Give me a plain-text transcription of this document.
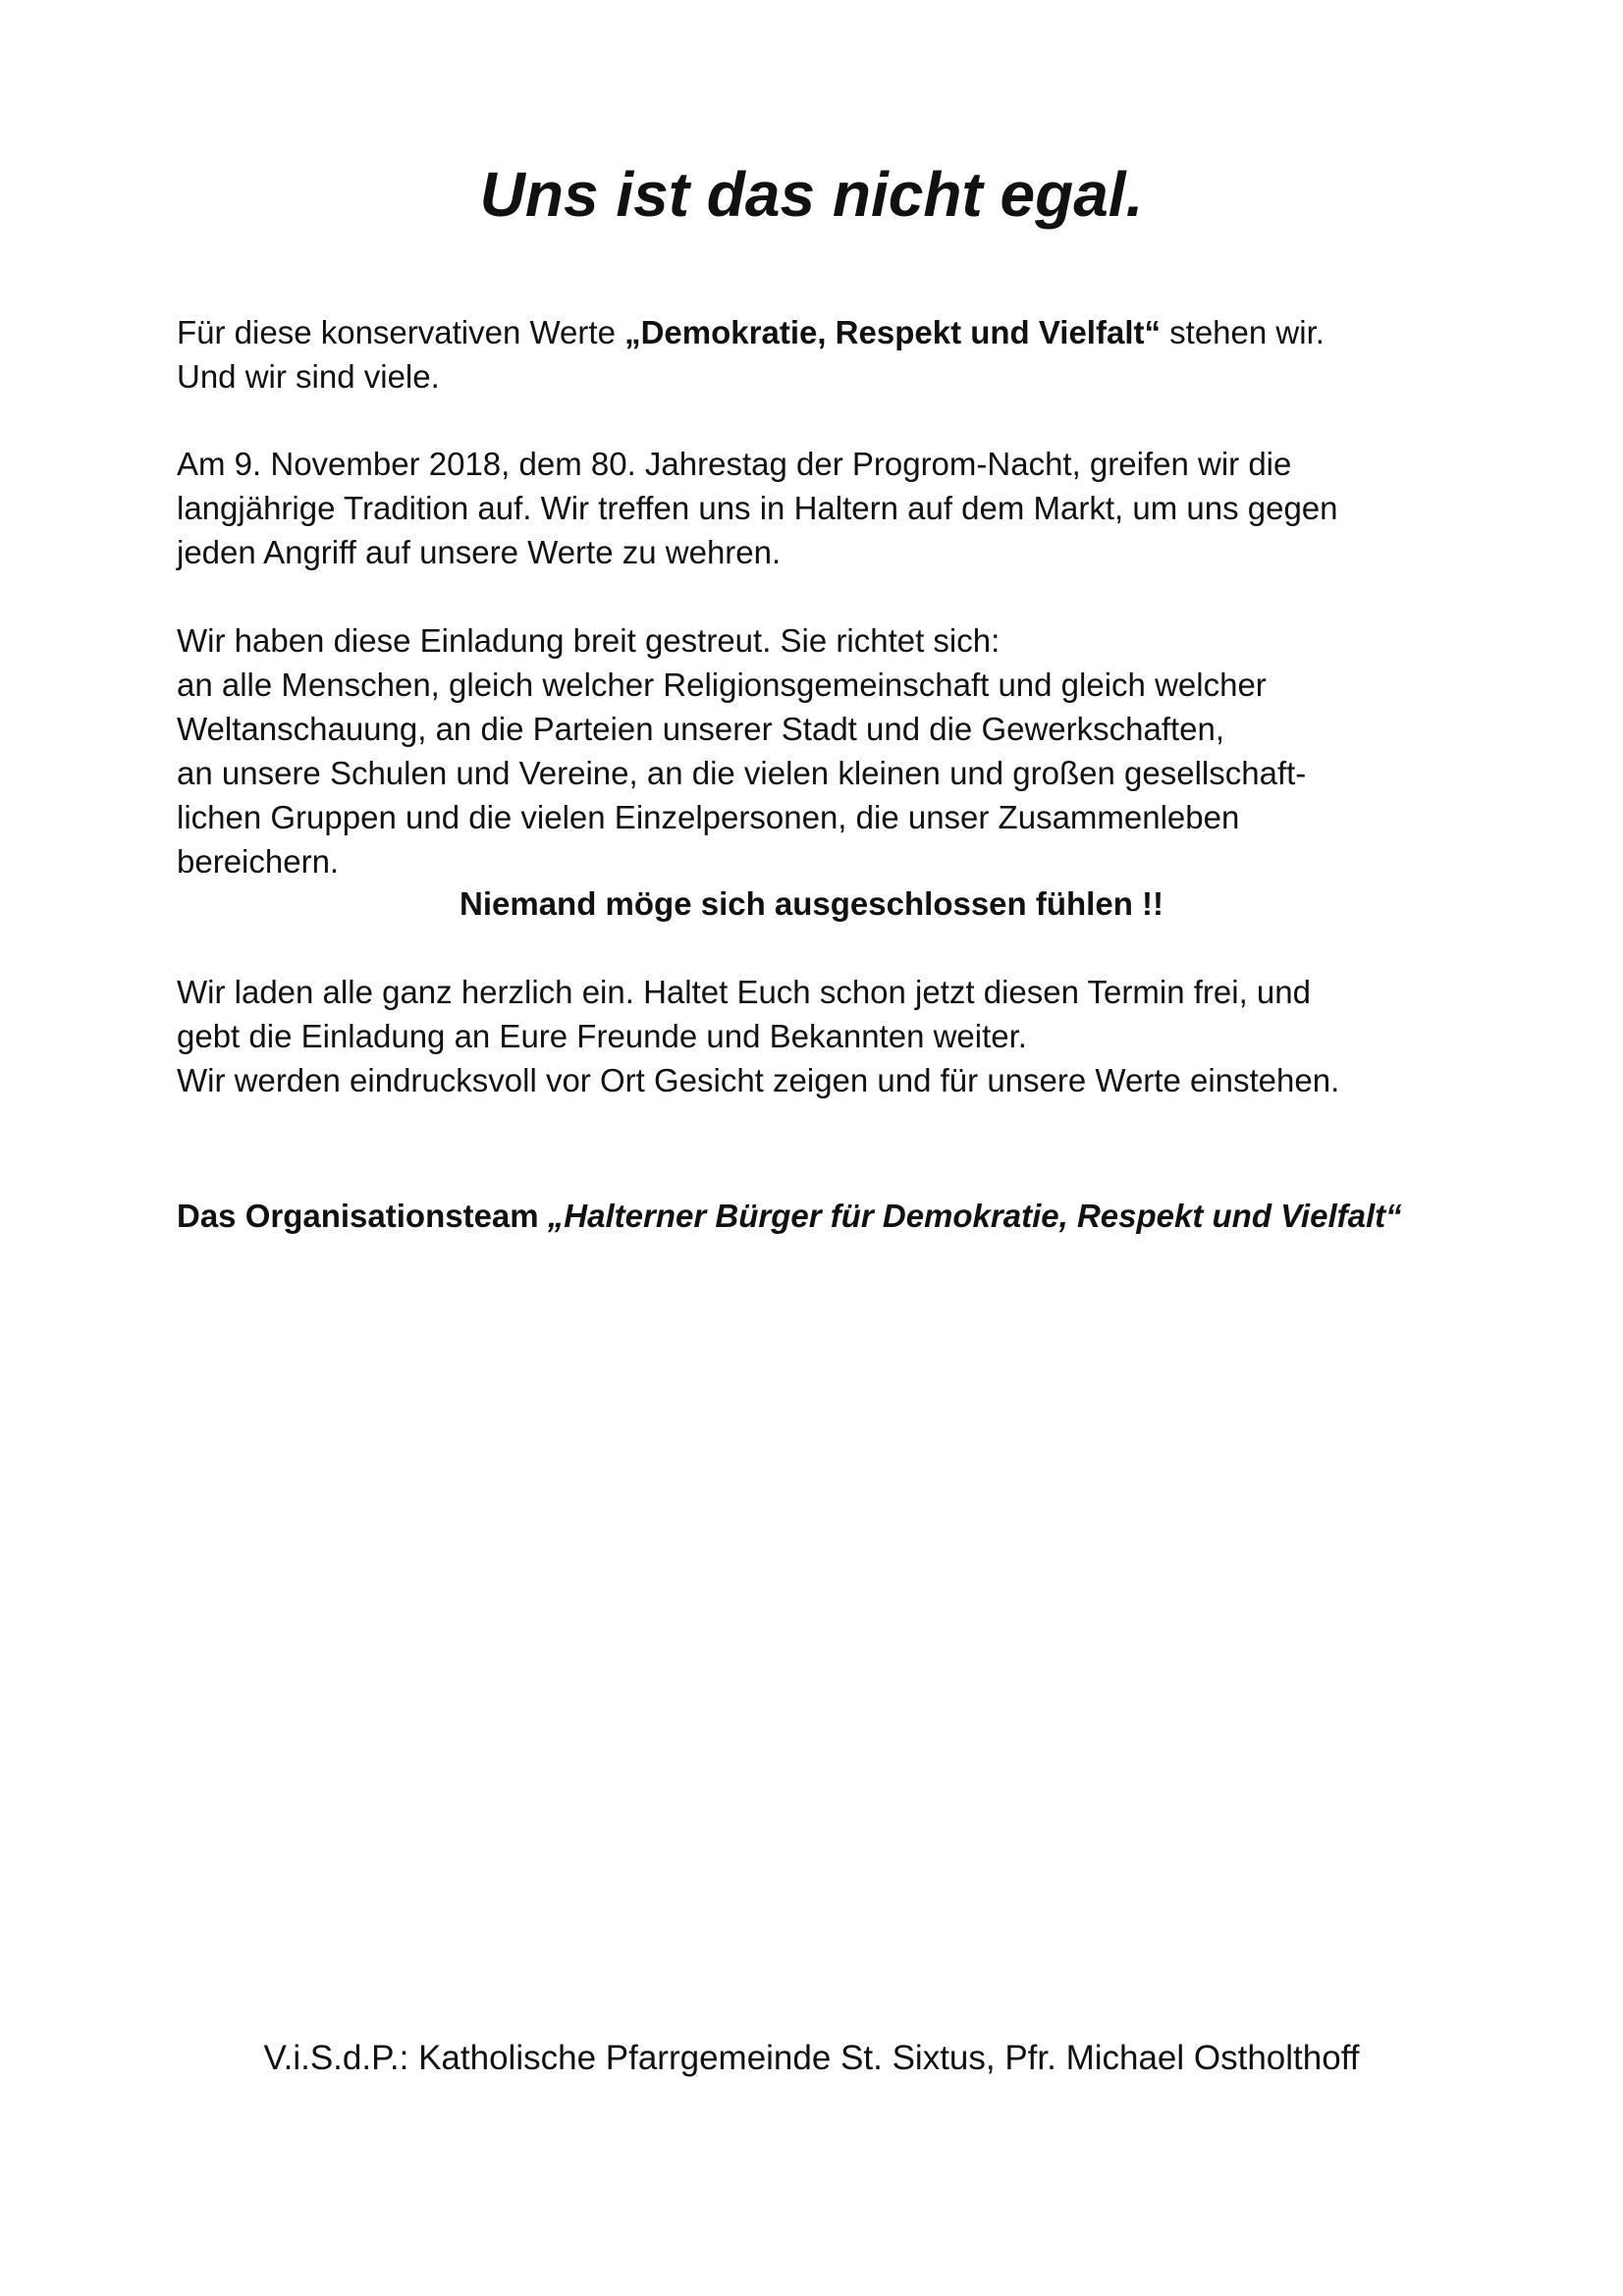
Uns ist das nicht egal.
Für diese konservativen Werte „Demokratie, Respekt und Vielfalt“ stehen wir.
Und wir sind viele.
Am 9. November 2018, dem 80. Jahrestag der Progrom-Nacht, greifen wir die
langjährige Tradition auf. Wir treffen uns in Haltern auf dem Markt, um uns gegen
jeden Angriff auf unsere Werte zu wehren.
Wir haben diese Einladung breit gestreut. Sie richtet sich:
an alle Menschen, gleich welcher Religionsgemeinschaft und gleich welcher
Weltanschauung, an die Parteien unserer Stadt und die Gewerkschaften,
an unsere Schulen und Vereine, an die vielen kleinen und großen gesellschaft-
lichen Gruppen und die vielen Einzelpersonen, die unser Zusammenleben
bereichern.
Niemand möge sich ausgeschlossen fühlen !!
Wir laden alle ganz herzlich ein. Haltet Euch schon jetzt diesen Termin frei, und
gebt die Einladung an Eure Freunde und Bekannten weiter.
Wir werden eindrucksvoll vor Ort Gesicht zeigen und für unsere Werte einstehen.
Das Organisationsteam „Halterner Bürger für Demokratie, Respekt und Vielfalt“
V.i.S.d.P.: Katholische Pfarrgemeinde St. Sixtus, Pfr. Michael Ostholthoff
